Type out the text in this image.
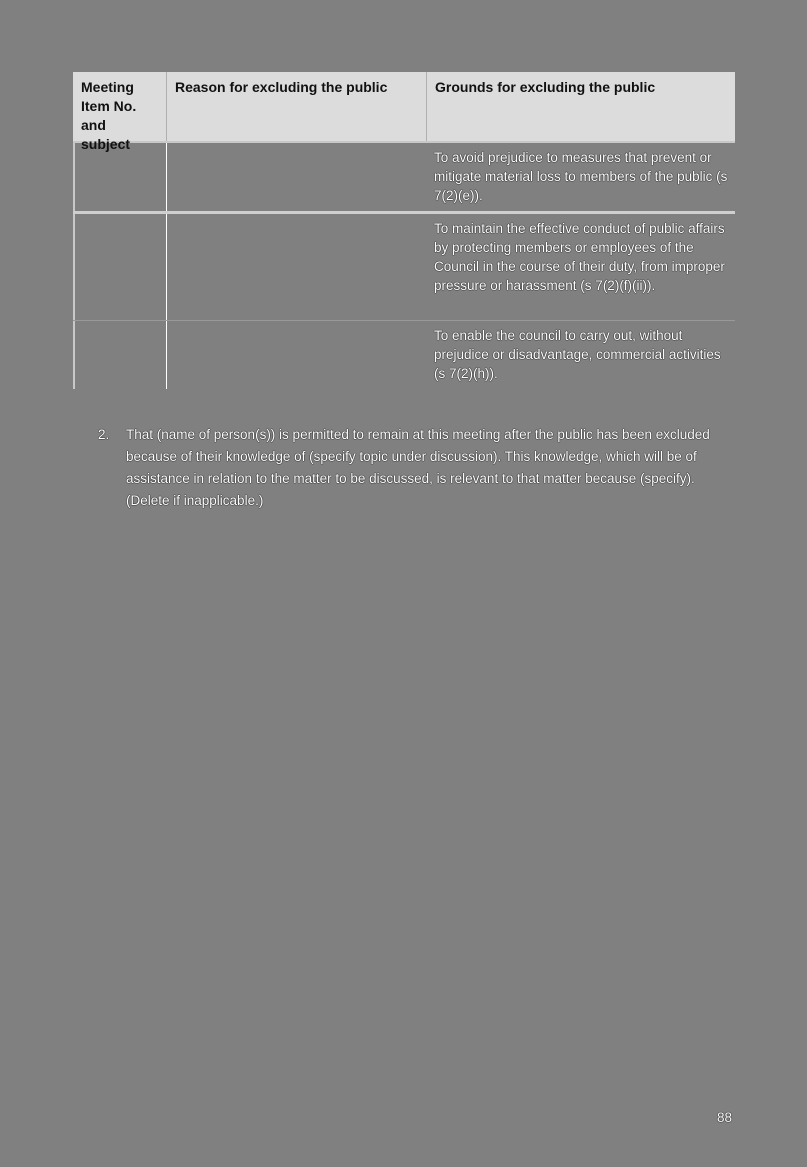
Meeting Item No. and subject
Reason for excluding the public	Grounds for excluding the public
To avoid prejudice to measures that prevent or mitigate material loss to members of the public (s 7(2)(e)).
To maintain the effective conduct of public affairs by protecting members or employees of the Council in the course of their duty, from improper pressure or harassment (s 7(2)(f)(ii)).
To enable the council to carry out, without prejudice or disadvantage, commercial activities (s 7(2)(h)).
2. That (name of person(s)) is permitted to remain at this meeting after the public has been excluded because of their knowledge of (specify topic under discussion). This knowledge, which will be of assistance in relation to the matter to be discussed, is relevant to that matter because (specify). (Delete if inapplicable.)
88
